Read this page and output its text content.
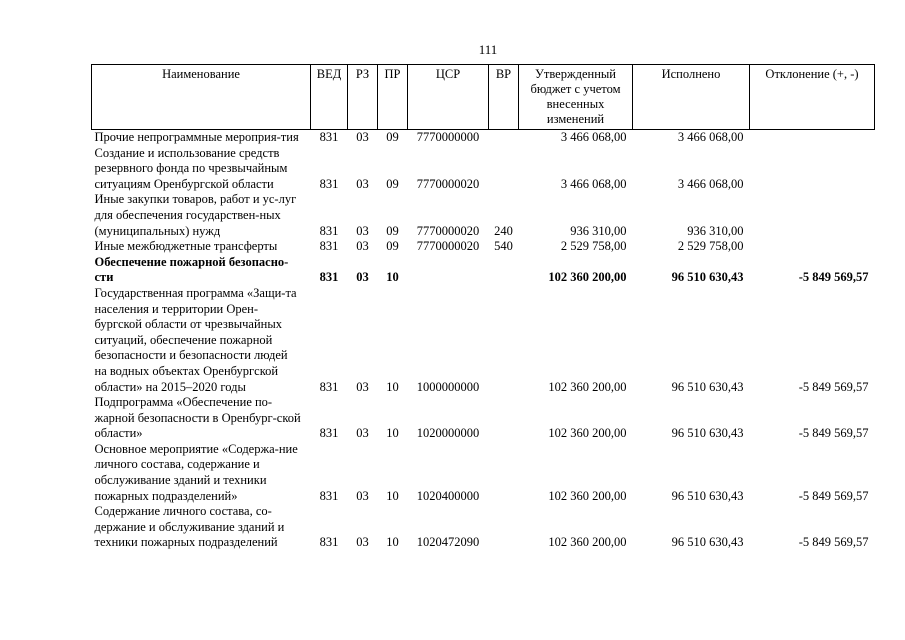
111
Наименование	ВЕД	РЗ	ПР	ЦСР	ВР	Утвержденный бюджет с учетом внесенных изменений	Исполнено	Отклонение (+, -)
Прочие непрограммные мероприя-тия	831	03	09	7770000000		3 466 068,00	3 466 068,00	
Создание и использование средств резервного фонда по чрезвычайным ситуациям Оренбургской области	831	03	09	7770000020		3 466 068,00	3 466 068,00	
Иные закупки товаров, работ и ус-луг для обеспечения государствен-ных (муниципальных) нужд	831	03	09	7770000020	240	936 310,00	936 310,00	
Иные межбюджетные трансферты	831	03	09	7770000020	540	2 529 758,00	2 529 758,00	
Обеспечение пожарной безопасно-сти	831	03	10			102 360 200,00	96 510 630,43	-5 849 569,57
Государственная программа «Защи-та населения и территории Орен-бургской области от чрезвычайных ситуаций, обеспечение пожарной безопасности и безопасности людей на водных объектах Оренбургской области» на 2015–2020 годы	831	03	10	1000000000		102 360 200,00	96 510 630,43	-5 849 569,57
Подпрограмма «Обеспечение по-жарной безопасности в Оренбург-ской области»	831	03	10	1020000000		102 360 200,00	96 510 630,43	-5 849 569,57
Основное мероприятие «Содержа-ние личного состава, содержание и обслуживание зданий и техники пожарных подразделений»	831	03	10	1020400000		102 360 200,00	96 510 630,43	-5 849 569,57
Содержание личного состава, со-держание и обслуживание зданий и техники пожарных подразделений	831	03	10	1020472090		102 360 200,00	96 510 630,43	-5 849 569,57
